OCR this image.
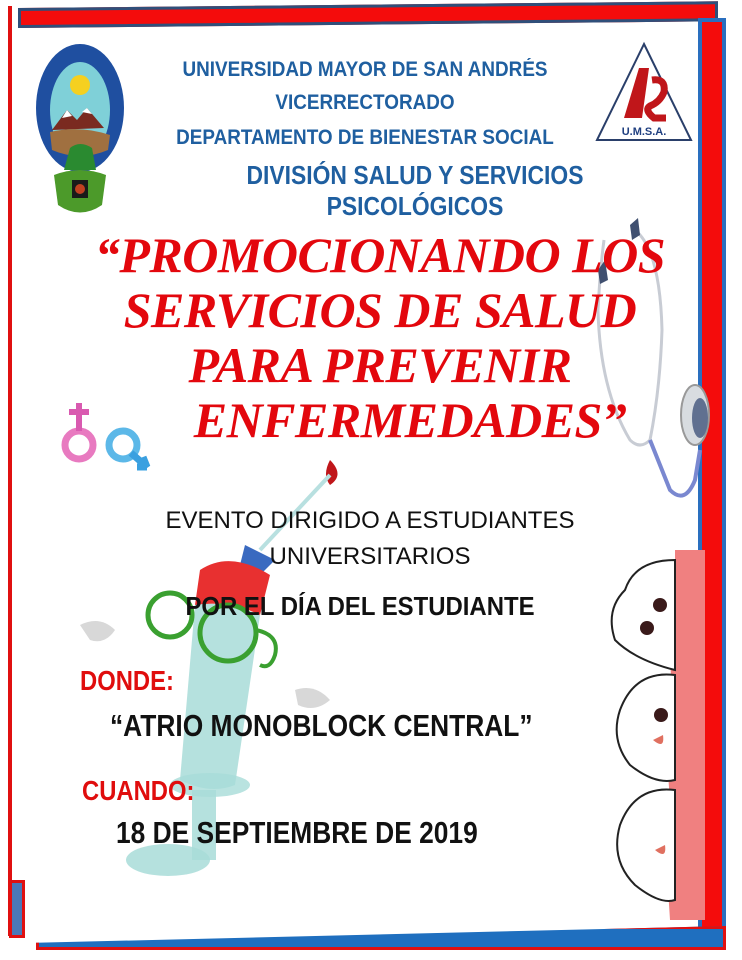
U.M.S.A.
UNIVERSIDAD MAYOR DE SAN ANDRÉS
VICERRECTORADO
DEPARTAMENTO DE BIENESTAR SOCIAL
DIVISIÓN SALUD Y SERVICIOS PSICOLÓGICOS
“PROMOCIONANDO LOS
SERVICIOS DE SALUD
PARA PREVENIR
ENFERMEDADES”
EVENTO DIRIGIDO A ESTUDIANTES
UNIVERSITARIOS
POR EL DÍA DEL ESTUDIANTE
DONDE:
“ATRIO MONOBLOCK CENTRAL”
CUANDO:
18 DE SEPTIEMBRE DE 2019
